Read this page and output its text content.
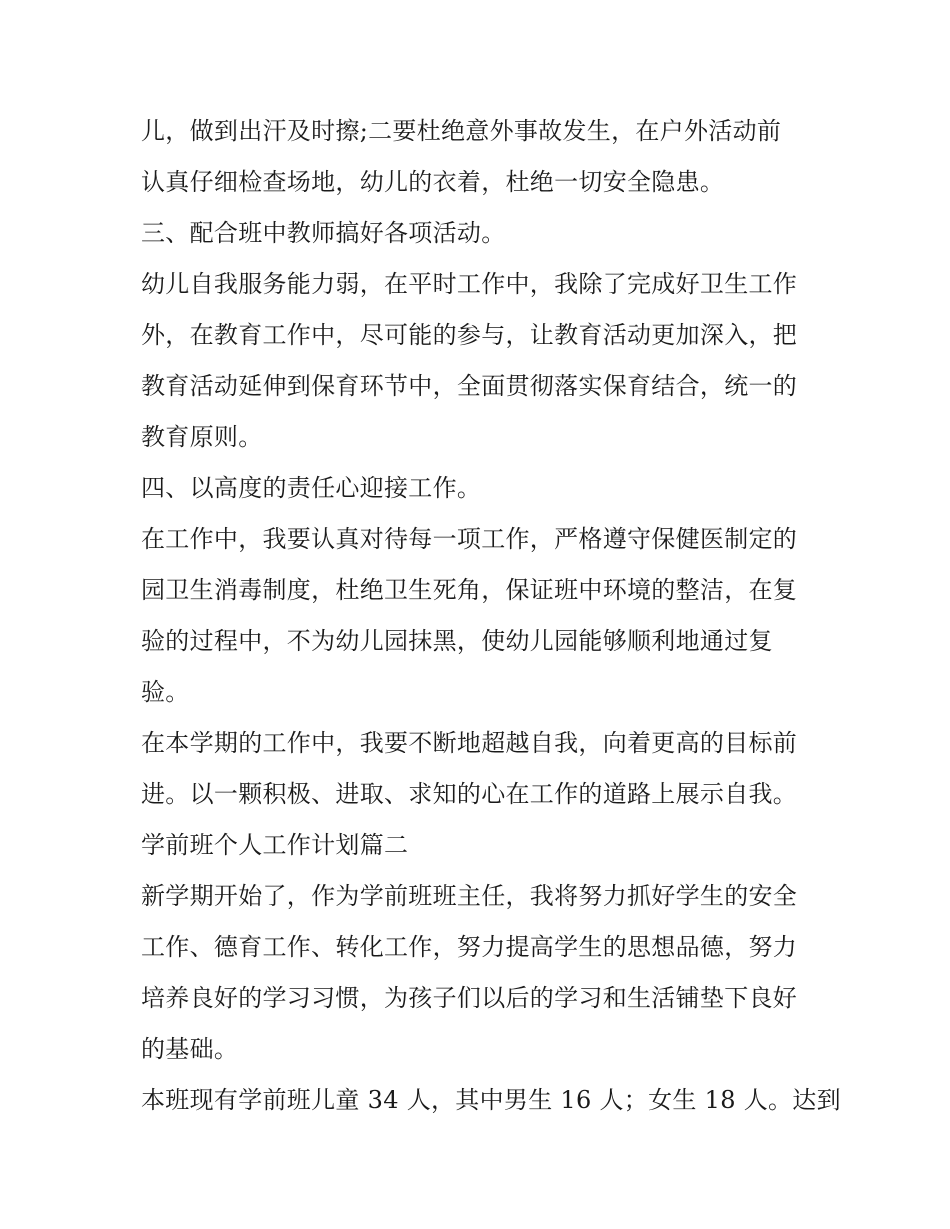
儿，做到出汗及时擦;二要杜绝意外事故发生，在户外活动前
认真仔细检查场地，幼儿的衣着，杜绝一切安全隐患。
三、配合班中教师搞好各项活动。
幼儿自我服务能力弱，在平时工作中，我除了完成好卫生工作
外，在教育工作中，尽可能的参与，让教育活动更加深入，把
教育活动延伸到保育环节中，全面贯彻落实保育结合，统一的
教育原则。
四、以高度的责任心迎接工作。
在工作中，我要认真对待每一项工作，严格遵守保健医制定的
园卫生消毒制度，杜绝卫生死角，保证班中环境的整洁，在复
验的过程中，不为幼儿园抹黑，使幼儿园能够顺利地通过复
验。
在本学期的工作中，我要不断地超越自我，向着更高的目标前
进。以一颗积极、进取、求知的心在工作的道路上展示自我。
学前班个人工作计划篇二
新学期开始了，作为学前班班主任，我将努力抓好学生的安全
工作、德育工作、转化工作，努力提高学生的思想品德，努力
培养良好的学习习惯，为孩子们以后的学习和生活铺垫下良好
的基础。
本班现有学前班儿童 34 人，其中男生 16 人；女生 18 人。达到
